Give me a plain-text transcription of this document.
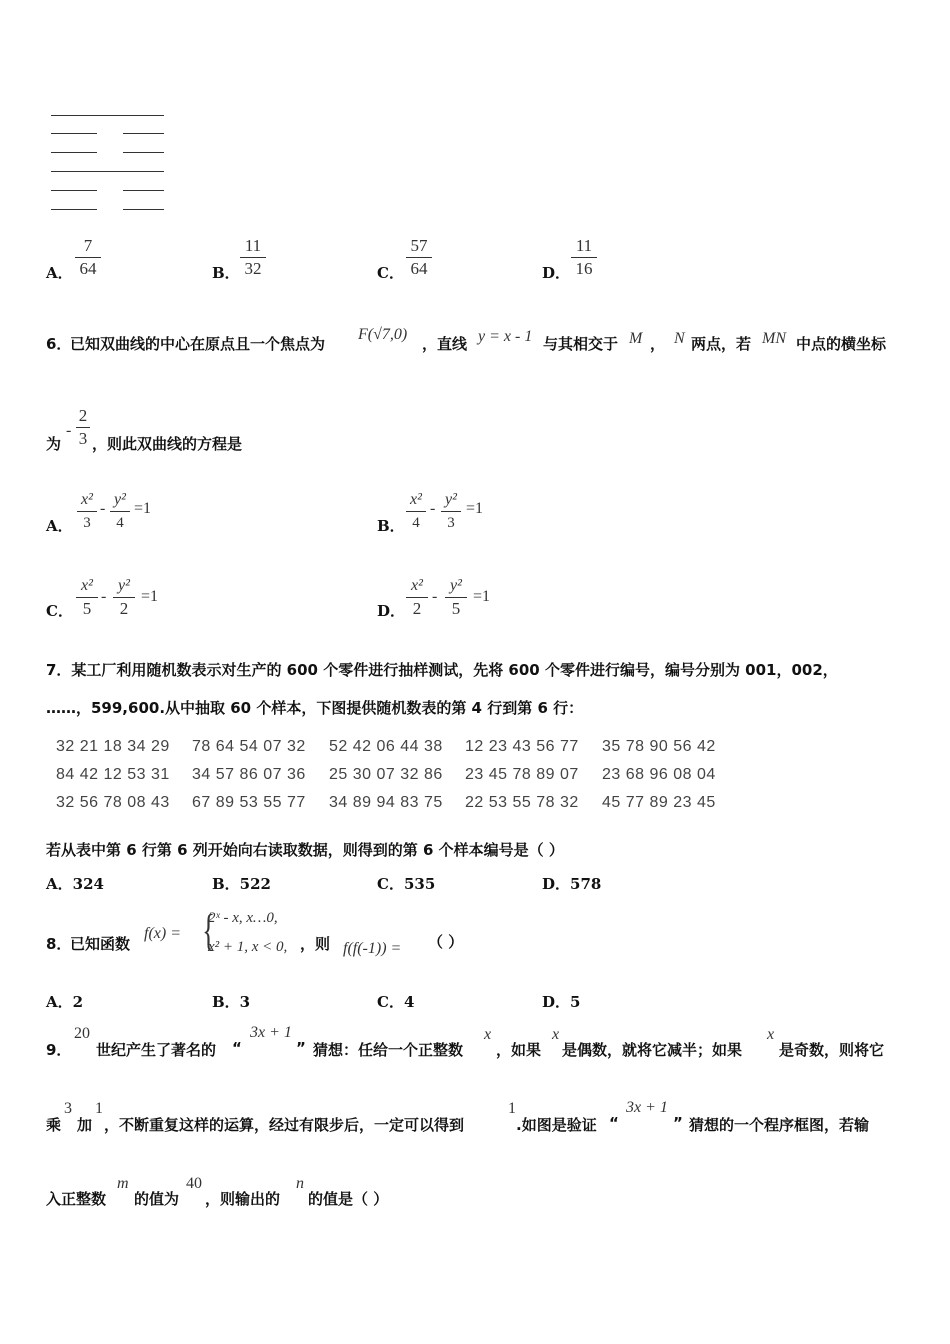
A．
7
64	B．
11
32	C．
57
64	D．
11
16
6．
已知双曲线的中心在原点且一个焦点为
F(√7,0)
，直线 y = x - 1 与其相交于 M ， N 两点，若 MN 中点的横坐标
为
-
2
3 ，则此双曲线的方程是
A．
x²
3
-
y²
4
=1
B．
x²
4
-
y²
3
=1
C．
x²
5
-
y²
2
=1
D．
x²
2
-
y²
5
=1
7．某工厂利用随机数表示对生产的 600 个零件进行抽样测试，先将 600 个零件进行编号，编号分别为 001，002，
……，599,600.从中抽取 60 个样本，下图提供随机数表的第 4 行到第 6 行：
32 21 18 34 29 78 64 54 07 32 52 42 06 44 38 12 23 43 56 77 35 78 90 56 42
84 42 12 53 31 34 57 86 07 36 25 30 07 32 86 23 45 78 89 07 23 68 96 08 04
32 56 78 08 43 67 89 53 55 77 34 89 94 83 75 22 53 55 78 32 45 77 89 23 45
若从表中第 6 行第 6 列开始向右读取数据，则得到的第 6 个样本编号是（ ）
A．324	B．522	C．535	D．578
8．
已知函数
f(x) = {
2ˣ - x, x…0,
x² + 1, x < 0, ，则 f(f(-1)) = （ ）
A．2	B．3	C．4	D．5
9．
20
世纪产生了著名的 “
3x + 1
” 猜想：任给一个正整数
x
，如果
x
是偶数，就将它减半；如果
x
是奇数，则将它
乘
3
加
1
，不断重复这样的运算，经过有限步后，一定可以得到
1
.如图是验证 “
3x + 1
” 猜想的一个程序框图，若输
入正整数
m
的值为
40
，则输出的
n
的值是（ ）
